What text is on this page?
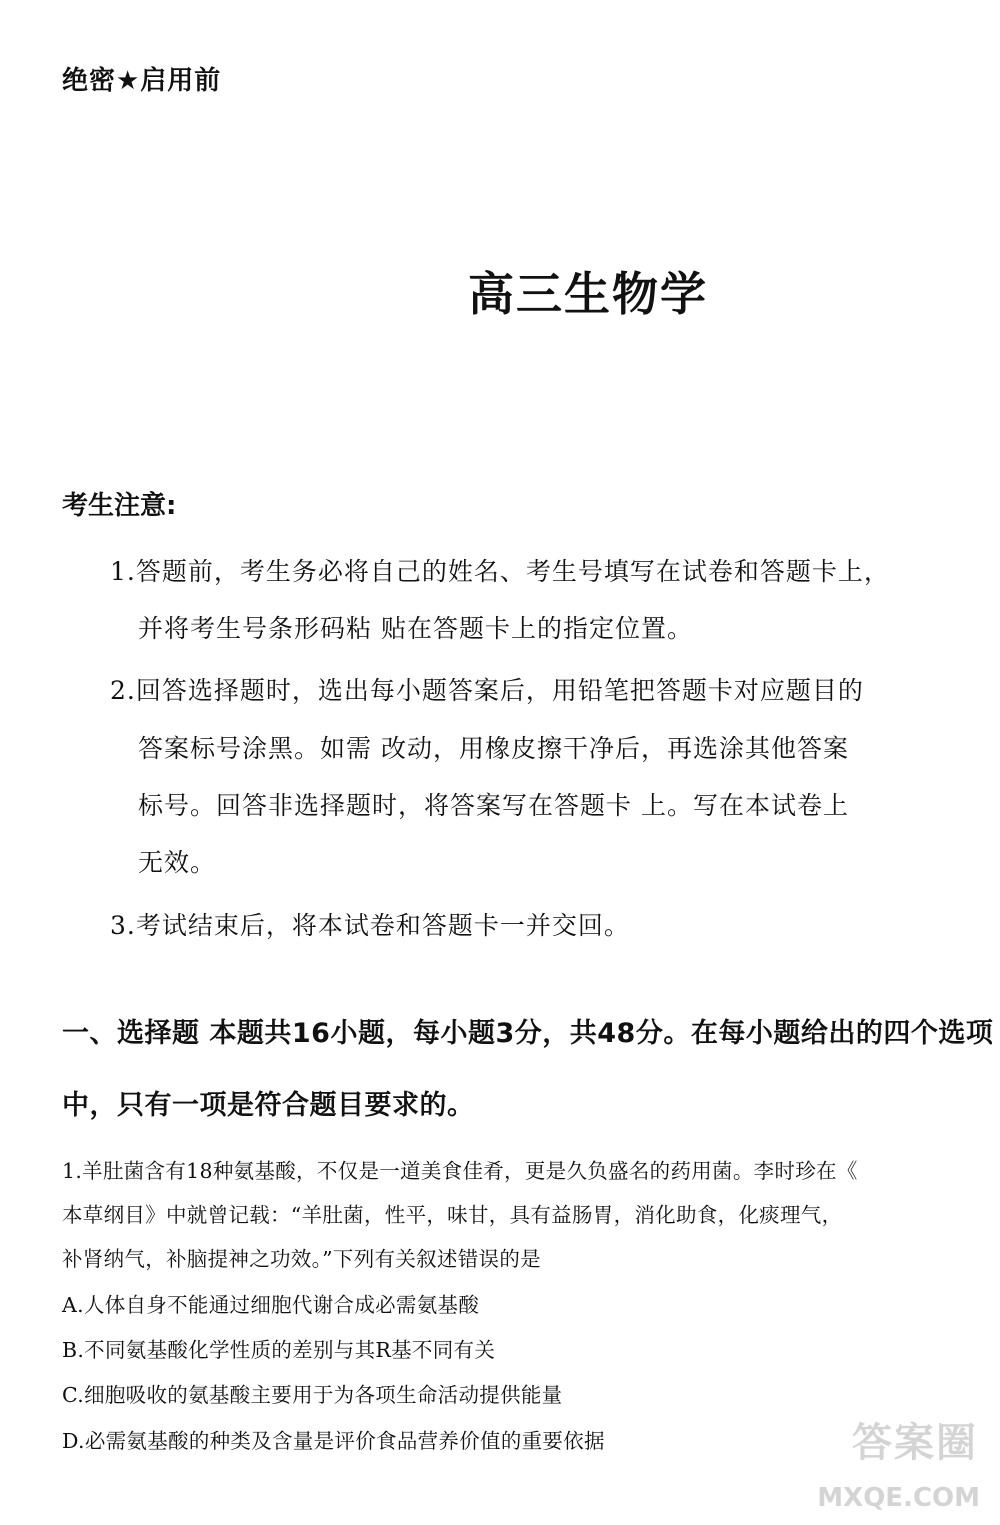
绝密★启用前
高三生物学
考生注意:
1.答题前，考生务必将自己的姓名、考生号填写在试卷和答题卡上，
并将考生号条形码粘 贴在答题卡上的指定位置。
2.回答选择题时，选出每小题答案后，用铅笔把答题卡对应题目的
答案标号涂黑。如需 改动，用橡皮擦干净后，再选涂其他答案
标号。回答非选择题时，将答案写在答题卡 上。写在本试卷上
无效。
3.考试结束后，将本试卷和答题卡一并交回。
一、选择题 本题共16小题，每小题3分，共48分。在每小题给出的四个选项
中，只有一项是符合题目要求的。
1.羊肚菌含有18种氨基酸，不仅是一道美食佳肴，更是久负盛名的药用菌。李时珍在《
本草纲目》中就曾记载：“羊肚菌，性平，味甘，具有益肠胃，消化助食，化痰理气，
补肾纳气，补脑提神之功效。”下列有关叙述错误的是
A.人体自身不能通过细胞代谢合成必需氨基酸
B.不同氨基酸化学性质的差别与其R基不同有关
C.细胞吸收的氨基酸主要用于为各项生命活动提供能量
D.必需氨基酸的种类及含量是评价食品营养价值的重要依据	答案圈
MXQE.COM
